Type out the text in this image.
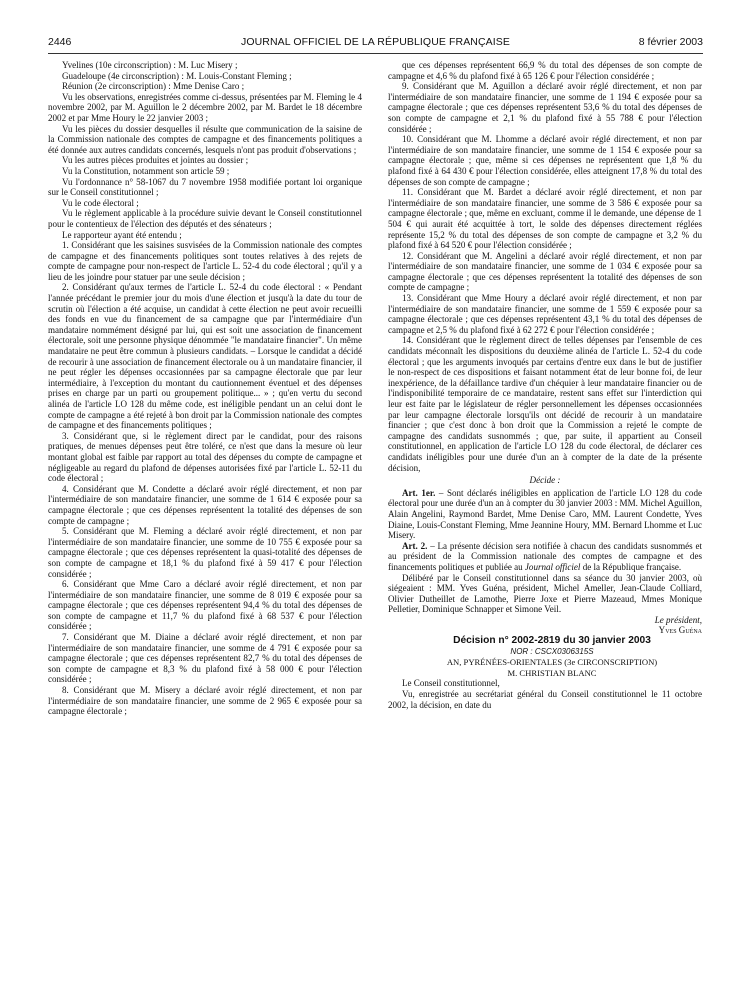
2446	JOURNAL OFFICIEL DE LA RÉPUBLIQUE FRANÇAISE	8 février 2003

Yvelines (10e circonscription) : M. Luc Misery ;

Guadeloupe (4e circonscription) : M. Louis-Constant Fleming ;

Réunion (2e circonscription) : Mme Denise Caro ;

Vu les observations, enregistrées comme ci-dessus, présentées par M. Fleming le 4 novembre 2002, par M. Aguillon le 2 décembre 2002, par M. Bardet le 18 décembre 2002 et par Mme Houry le 22 janvier 2003 ;

Vu les pièces du dossier desquelles il résulte que communication de la saisine de la Commission nationale des comptes de campagne et des financements politiques a été donnée aux autres candidats concernés, lesquels n'ont pas produit d'observations ;

Vu les autres pièces produites et jointes au dossier ;

Vu la Constitution, notamment son article 59 ;

Vu l'ordonnance n° 58-1067 du 7 novembre 1958 modifiée portant loi organique sur le Conseil constitutionnel ;

Vu le code électoral ;

Vu le règlement applicable à la procédure suivie devant le Conseil constitutionnel pour le contentieux de l'élection des députés et des sénateurs ;

Le rapporteur ayant été entendu ;

1. Considérant que les saisines susvisées de la Commission nationale des comptes de campagne et des financements politiques sont toutes relatives à des rejets de compte de campagne pour non-respect de l'article L. 52-4 du code électoral ; qu'il y a lieu de les joindre pour statuer par une seule décision ;

2. Considérant qu'aux termes de l'article L. 52-4 du code électoral : « Pendant l'année précédant le premier jour du mois d'une élection et jusqu'à la date du tour de scrutin où l'élection a été acquise, un candidat à cette élection ne peut avoir recueilli des fonds en vue du financement de sa campagne que par l'intermédiaire d'un mandataire nommément désigné par lui, qui est soit une association de financement électorale, soit une personne physique dénommée "le mandataire financier". Un même mandataire ne peut être commun à plusieurs candidats. – Lorsque le candidat a décidé de recourir à une association de financement électorale ou à un mandataire financier, il ne peut régler les dépenses occasionnées par sa campagne électorale que par leur intermédiaire, à l'exception du montant du cautionnement éventuel et des dépenses prises en charge par un parti ou groupement politique... » ; qu'en vertu du second alinéa de l'article LO 128 du même code, est inéligible pendant un an celui dont le compte de campagne a été rejeté à bon droit par la Commission nationale des comptes de campagne et des financements politiques ;

3. Considérant que, si le règlement direct par le candidat, pour des raisons pratiques, de menues dépenses peut être toléré, ce n'est que dans la mesure où leur montant global est faible par rapport au total des dépenses du compte de campagne et négligeable au regard du plafond de dépenses autorisées fixé par l'article L. 52-11 du code électoral ;

4. Considérant que M. Condette a déclaré avoir réglé directement, et non par l'intermédiaire de son mandataire financier, une somme de 1 614 € exposée pour sa campagne électorale ; que ces dépenses représentent la totalité des dépenses de son compte de campagne ;

5. Considérant que M. Fleming a déclaré avoir réglé directement, et non par l'intermédiaire de son mandataire financier, une somme de 10 755 € exposée pour sa campagne électorale ; que ces dépenses représentent la quasi-totalité des dépenses de son compte de campagne et 18,1 % du plafond fixé à 59 417 € pour l'élection considérée ;

6. Considérant que Mme Caro a déclaré avoir réglé directement, et non par l'intermédiaire de son mandataire financier, une somme de 8 019 € exposée pour sa campagne électorale ; que ces dépenses représentent 94,4 % du total des dépenses de son compte de campagne et 11,7 % du plafond fixé à 68 537 € pour l'élection considérée ;

7. Considérant que M. Diaine a déclaré avoir réglé directement, et non par l'intermédiaire de son mandataire financier, une somme de 4 791 € exposée pour sa campagne électorale ; que ces dépenses représentent 82,7 % du total des dépenses de son compte de campagne et 8,3 % du plafond fixé à 58 000 € pour l'élection considérée ;

8. Considérant que M. Misery a déclaré avoir réglé directement, et non par l'intermédiaire de son mandataire financier, une somme de 2 965 € exposée pour sa campagne électorale ;

que ces dépenses représentent 66,9 % du total des dépenses de son compte de campagne et 4,6 % du plafond fixé à 65 126 € pour l'élection considérée ;

9. Considérant que M. Aguillon a déclaré avoir réglé directement, et non par l'intermédiaire de son mandataire financier, une somme de 1 194 € exposée pour sa campagne électorale ; que ces dépenses représentent 53,6 % du total des dépenses de son compte de campagne et 2,1 % du plafond fixé à 55 788 € pour l'élection considérée ;

10. Considérant que M. Lhomme a déclaré avoir réglé directement, et non par l'intermédiaire de son mandataire financier, une somme de 1 154 € exposée pour sa campagne électorale ; que, même si ces dépenses ne représentent que 1,8 % du plafond fixé à 64 430 € pour l'élection considérée, elles atteignent 17,8 % du total des dépenses de son compte de campagne ;

11. Considérant que M. Bardet a déclaré avoir réglé directement, et non par l'intermédiaire de son mandataire financier, une somme de 3 586 € exposée pour sa campagne électorale ; que, même en excluant, comme il le demande, une dépense de 1 504 € qui aurait été acquittée à tort, le solde des dépenses directement réglées représente 15,2 % du total des dépenses de son compte de campagne et 3,2 % du plafond fixé à 64 520 € pour l'élection considérée ;

12. Considérant que M. Angelini a déclaré avoir réglé directement, et non par l'intermédiaire de son mandataire financier, une somme de 1 034 € exposée pour sa campagne électorale ; que ces dépenses représentent la totalité des dépenses de son compte de campagne ;

13. Considérant que Mme Houry a déclaré avoir réglé directement, et non par l'intermédiaire de son mandataire financier, une somme de 1 559 € exposée pour sa campagne électorale ; que ces dépenses représentent 43,1 % du total des dépenses de campagne et 2,5 % du plafond fixé à 62 272 € pour l'élection considérée ;

14. Considérant que le règlement direct de telles dépenses par l'ensemble de ces candidats méconnaît les dispositions du deuxième alinéa de l'article L. 52-4 du code électoral ; que les arguments invoqués par certains d'entre eux dans le but de justifier le non-respect de ces dispositions et faisant notamment état de leur bonne foi, de leur inexpérience, de la défaillance tardive d'un chéquier à leur mandataire financier ou de l'indisponibilité temporaire de ce mandataire, restent sans effet sur l'interdiction qui leur est faite par le législateur de régler personnellement les dépenses occasionnées par leur campagne électorale lorsqu'ils ont décidé de recourir à un mandataire financier ; que c'est donc à bon droit que la Commission a rejeté le compte de campagne des candidats susnommés ; que, par suite, il appartient au Conseil constitutionnel, en application de l'article LO 128 du code électoral, de déclarer ces candidats inéligibles pour une durée d'un an à compter de la date de la présente décision,

Décide :

Art. 1er. – Sont déclarés inéligibles en application de l'article LO 128 du code électoral pour une durée d'un an à compter du 30 janvier 2003 : MM. Michel Aguillon, Alain Angelini, Raymond Bardet, Mme Denise Caro, MM. Laurent Condette, Yves Diaine, Louis-Constant Fleming, Mme Jeannine Houry, MM. Bernard Lhomme et Luc Misery.

Art. 2. – La présente décision sera notifiée à chacun des candidats susnommés et au président de la Commission nationale des comptes de campagne et des financements politiques et publiée au Journal officiel de la République française.

Délibéré par le Conseil constitutionnel dans sa séance du 30 janvier 2003, où siégeaient : MM. Yves Guéna, président, Michel Ameller, Jean-Claude Colliard, Olivier Dutheillet de Lamothe, Pierre Joxe et Pierre Mazeaud, Mmes Monique Pelletier, Dominique Schnapper et Simone Veil.

Le président,

Yves Guéna

Décision n° 2002-2819 du 30 janvier 2003

NOR : CSCX0306315S

AN, PYRÉNÉES-ORIENTALES (3e CIRCONSCRIPTION)

M. CHRISTIAN BLANC

Le Conseil constitutionnel,

Vu, enregistrée au secrétariat général du Conseil constitutionnel le 11 octobre 2002, la décision, en date du
